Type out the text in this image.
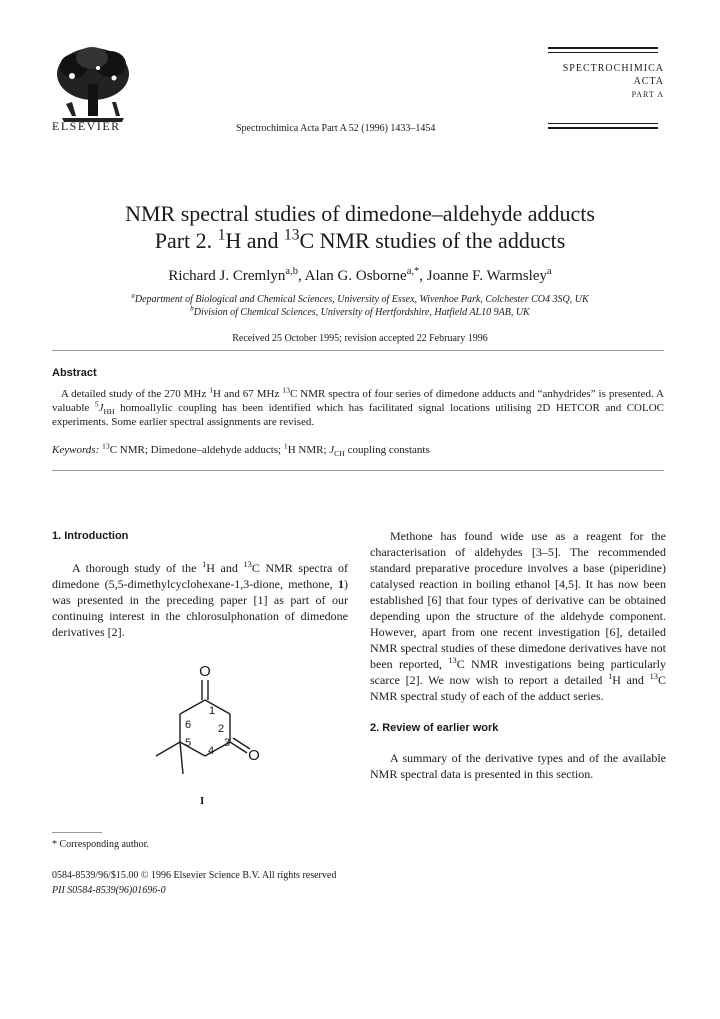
ELSEVIER	Spectrochimica Acta Part A 52 (1996) 1433–1454
SPECTROCHIMICA
ACTA
PART A
NMR spectral studies of dimedone–aldehyde adducts
Part 2. $^1$H and $^{13}$C NMR studies of the adducts
Richard J. Cremlyn$^{a,b}$, Alan G. Osborne$^{a,*}$, Joanne F. Warmsley$^a$
$^a$Department of Biological and Chemical Sciences, University of Essex, Wivenhoe Park, Colchester CO4 3SQ, UK
$^b$Division of Chemical Sciences, University of Hertfordshire, Hatfield AL10 9AB, UK
Received 25 October 1995; revision accepted 22 February 1996
Abstract
A detailed study of the 270 MHz $^1$H and 67 MHz $^{13}$C NMR spectra of four series of dimedone adducts and “anhydrides” is presented. A valuable $^5J_{HH}$ homoallylic coupling has been identified which has facilitated signal locations utilising 2D HETCOR and COLOC experiments. Some earlier spectral assignments are revised.
Keywords: $^{13}$C NMR; Dimedone–aldehyde adducts; $^1$H NMR; $J_{CH}$ coupling constants
1. Introduction

A thorough study of the $^1$H and $^{13}$C NMR spectra of dimedone (5,5-dimethylcyclohexane-1,3-dione, methone, 1) was presented in the preceding paper [1] as part of our continuing interest in the chlorosulphonation of dimedone derivatives [2].

O
O
1
2
3
4
5
6
I
* Corresponding author.

Methone has found wide use as a reagent for the characterisation of aldehydes [3–5]. The recommended standard preparative procedure involves a base (piperidine) catalysed reaction in boiling ethanol [4,5]. It has now been established [6] that four types of derivative can be obtained depending upon the structure of the aldehyde component. However, apart from one recent investigation [6], detailed NMR spectral studies of these dimedone derivatives have not been reported, $^{13}$C NMR investigations being particularly scarce [2]. We now wish to report a detailed $^1$H and $^{13}$C NMR spectral study of each of the adduct series.

2. Review of earlier work

A summary of the derivative types and of the available NMR spectral data is presented in this section.

0584-8539/96/$15.00 © 1996 Elsevier Science B.V. All rights reserved
PII S0584-8539(96)01696-0
